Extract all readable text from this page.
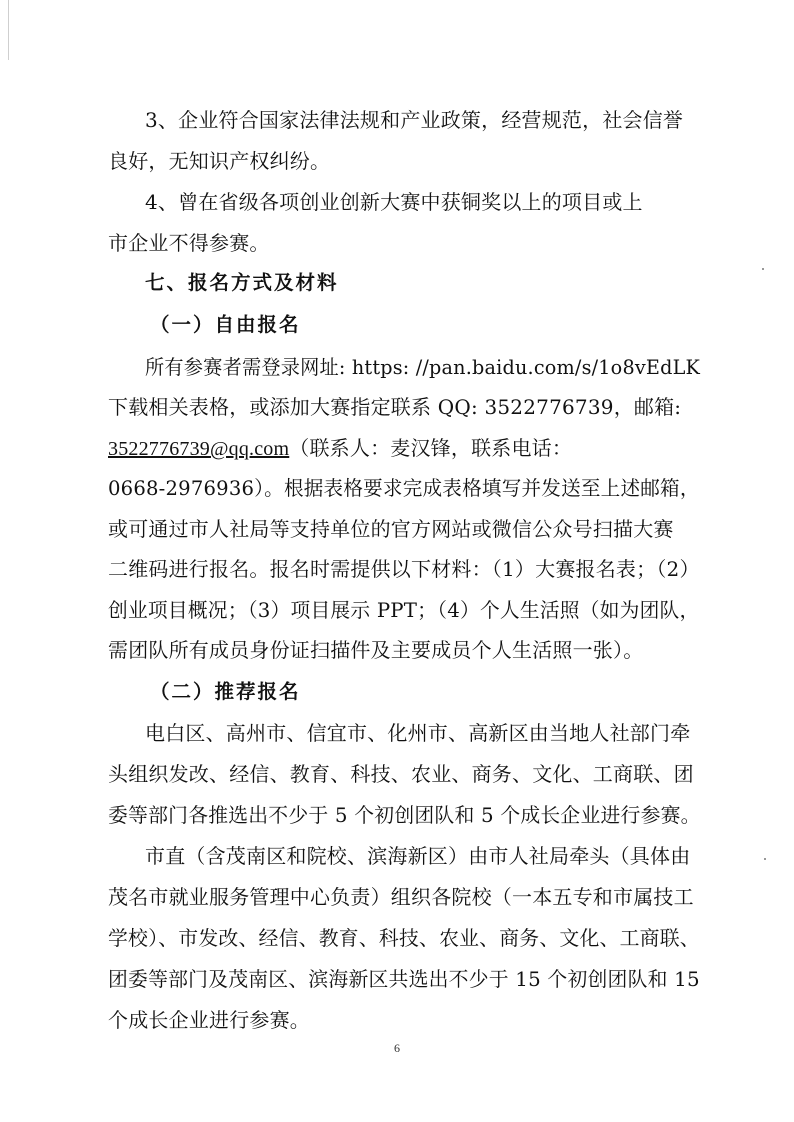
3、企业符合国家法律法规和产业政策，经营规范，社会信誉
良好，无知识产权纠纷。
4、曾在省级各项创业创新大赛中获铜奖以上的项目或上
市企业不得参赛。
七、报名方式及材料
（一）自由报名
所有参赛者需登录网址: https: //pan.baidu.com/s/1o8vEdLK
下载相关表格，或添加大赛指定联系 QQ: 3522776739，邮箱:
3522776739@qq.com（联系人：麦汉锋，联系电话：
0668-2976936）。根据表格要求完成表格填写并发送至上述邮箱，
或可通过市人社局等支持单位的官方网站或微信公众号扫描大赛
二维码进行报名。报名时需提供以下材料：（1）大赛报名表；（2）
创业项目概况；（3）项目展示 PPT；（4）个人生活照（如为团队，
需团队所有成员身份证扫描件及主要成员个人生活照一张）。
（二）推荐报名
电白区、高州市、信宜市、化州市、高新区由当地人社部门牵
头组织发改、经信、教育、科技、农业、商务、文化、工商联、团
委等部门各推选出不少于 5 个初创团队和 5 个成长企业进行参赛。
市直（含茂南区和院校、滨海新区）由市人社局牵头（具体由
茂名市就业服务管理中心负责）组织各院校（一本五专和市属技工
学校）、市发改、经信、教育、科技、农业、商务、文化、工商联、
团委等部门及茂南区、滨海新区共选出不少于 15 个初创团队和 15
个成长企业进行参赛。
6
